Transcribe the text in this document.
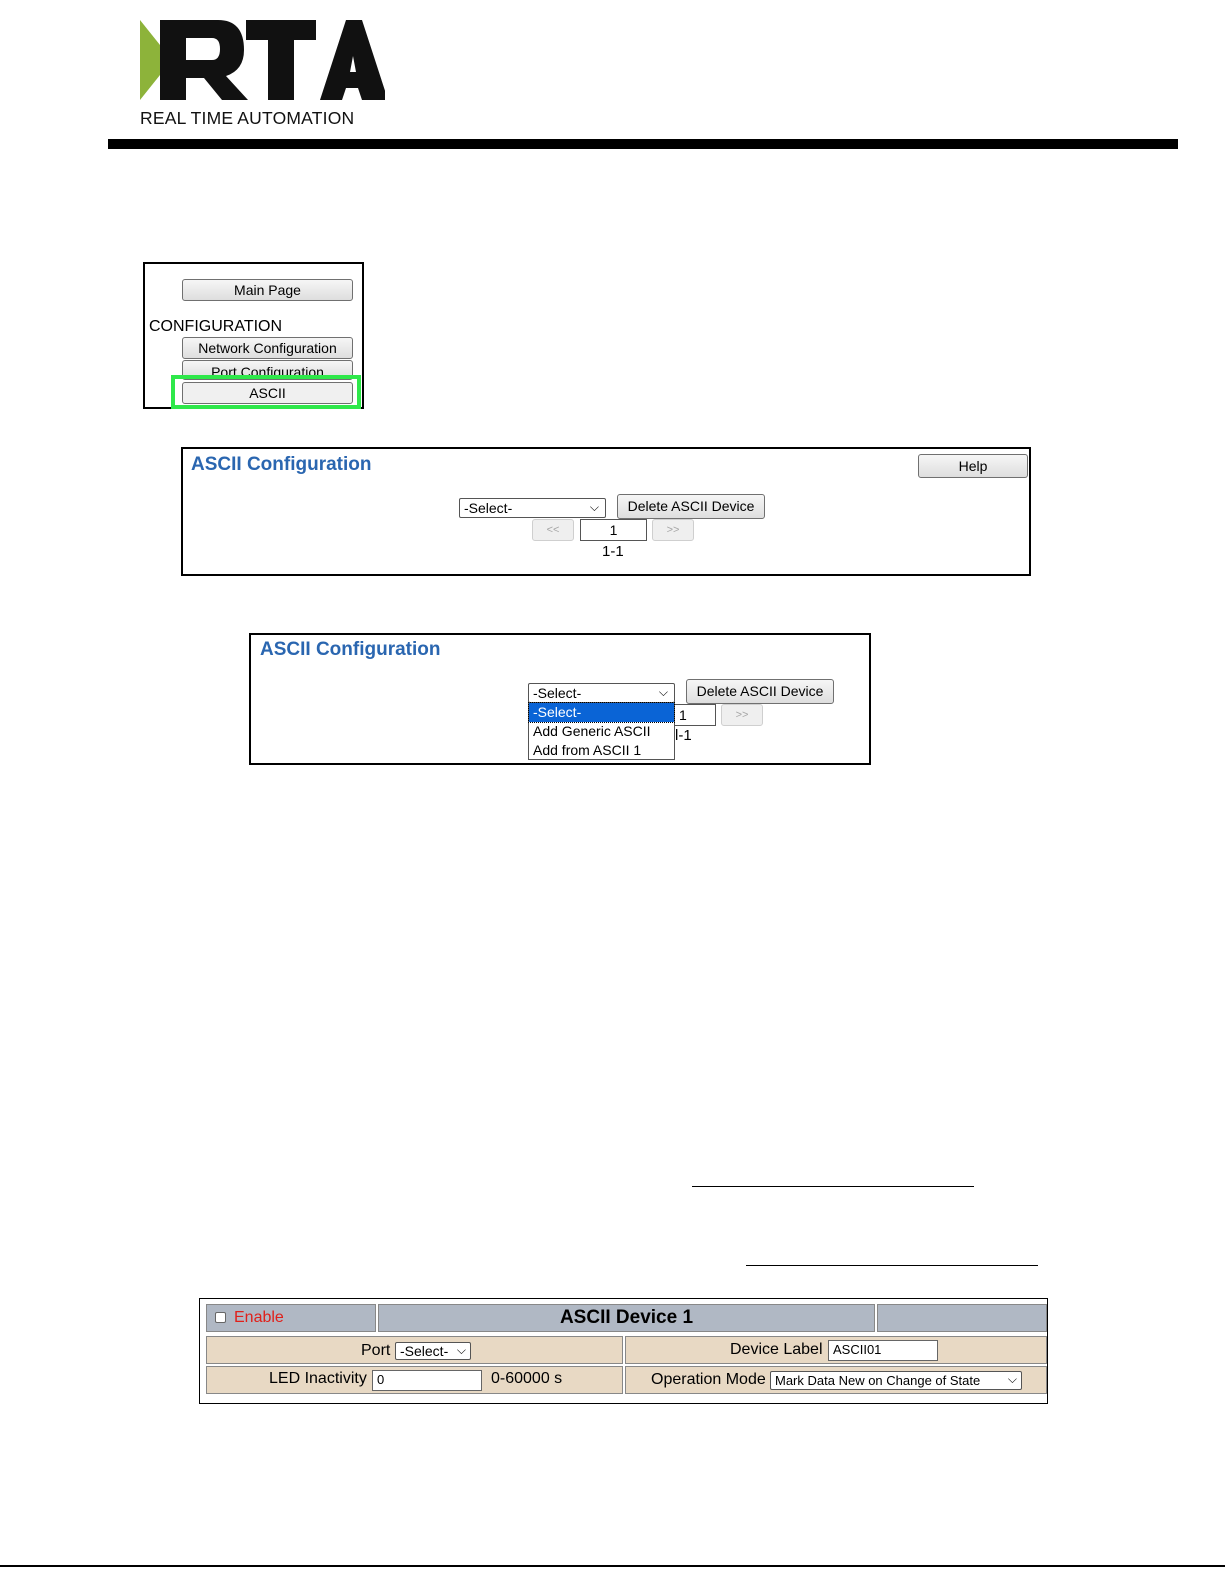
REAL TIME AUTOMATION
Main Page
CONFIGURATION
Network Configuration
Port Configuration
ASCII
ASCII Configuration	Help
-Select-	⌵	Delete ASCII Device
<<	1	>>
1-1
ASCII Configuration
1	>>
l-1
-Select-	⌵	Delete ASCII Device
-Select-
Add Generic ASCII
Add from ASCII 1
Enable	ASCII Device 1
Port -Select- ⌵	Device Label ASCII01
LED Inactivity 0	0-60000 s	Operation Mode Mark Data New on Change of State ⌵
